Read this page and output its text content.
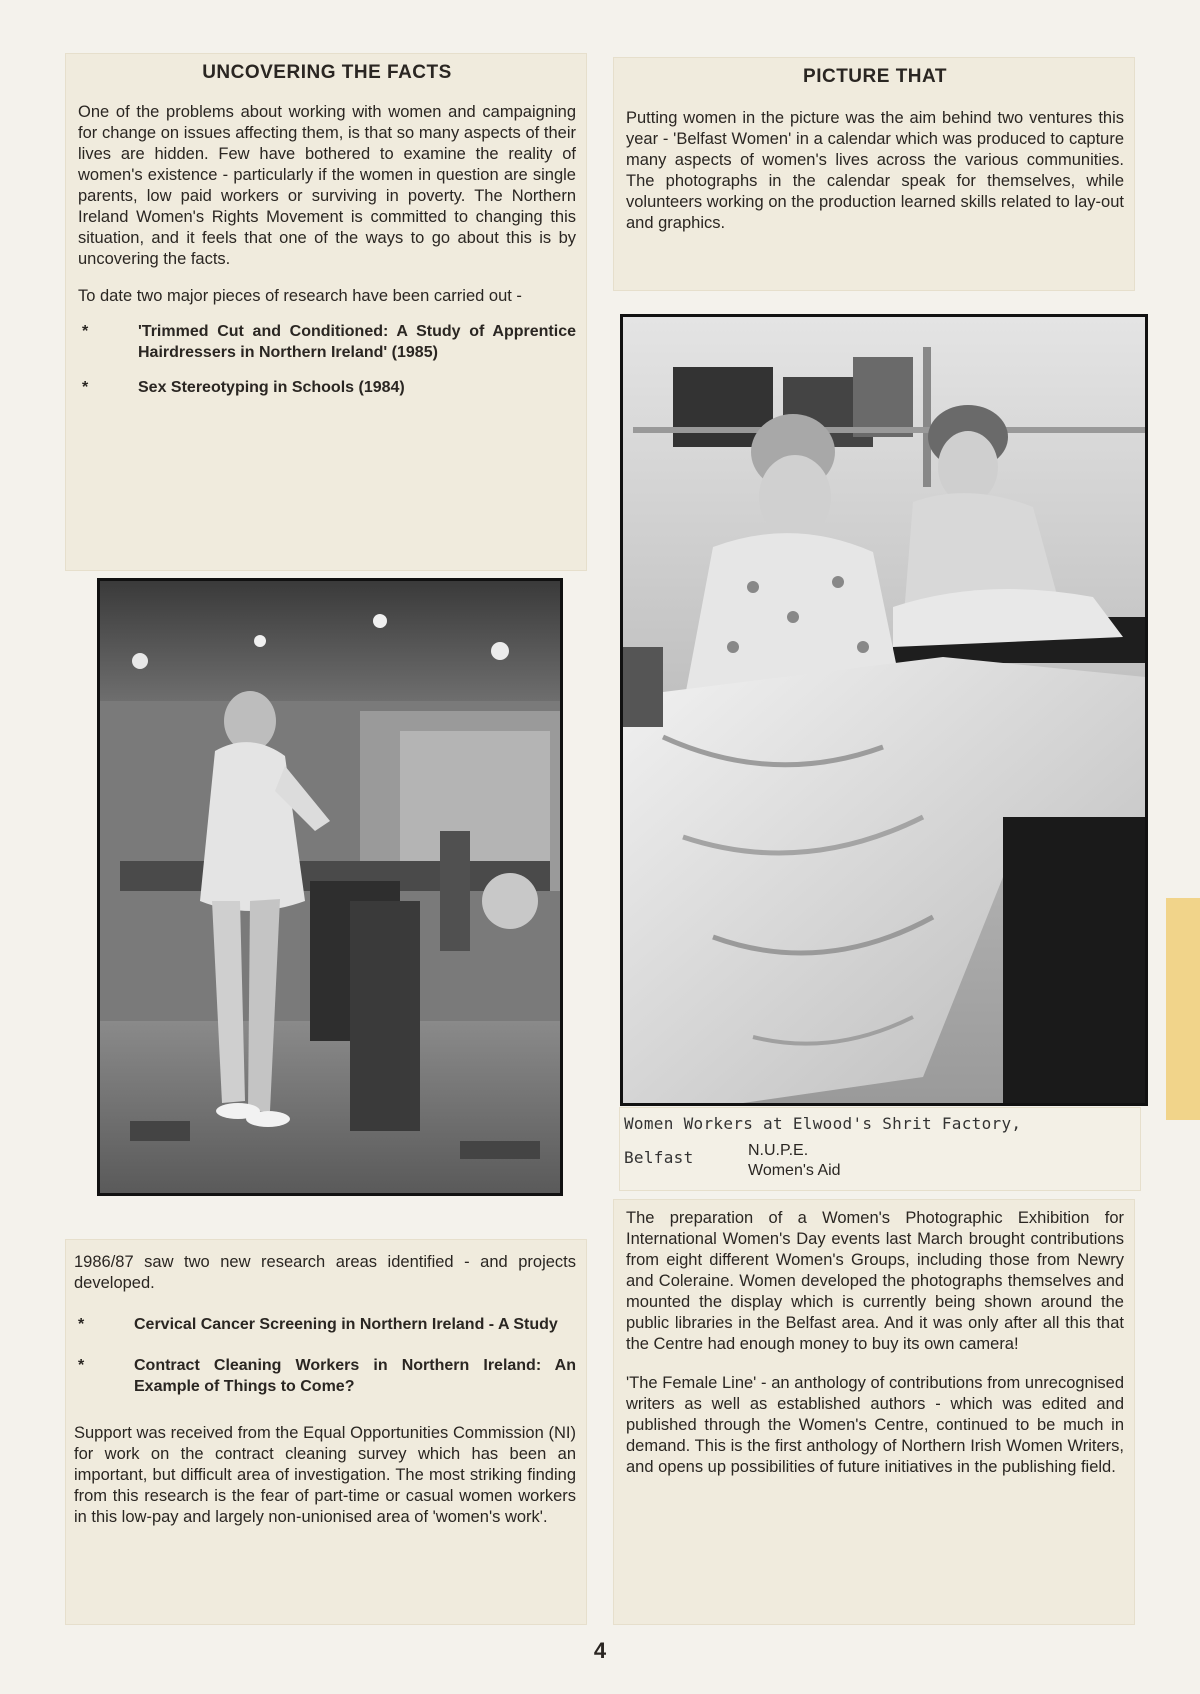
UNCOVERING THE FACTS

One of the problems about working with women and campaigning for change on issues affecting them, is that so many aspects of their lives are hidden. Few have bothered to examine the reality of women's existence - particularly if the women in question are single parents, low paid workers or surviving in poverty. The Northern Ireland Women's Rights Movement is committed to changing this situation, and it feels that one of the ways to go about this is by uncovering the facts.

To date two major pieces of research have been carried out -

*	'Trimmed Cut and Conditioned: A Study of Apprentice Hairdressers in Northern Ireland' (1985)
*	Sex Stereotyping in Schools (1984)

1986/87 saw two new research areas identified - and projects developed.

*	Cervical Cancer Screening in Northern Ireland - A Study
*	Contract Cleaning Workers in Northern Ireland: An Example of Things to Come?

Support was received from the Equal Opportunities Commission (NI) for work on the contract cleaning survey which has been an important, but difficult area of investigation. The most striking finding from this research is the fear of part-time or casual women workers in this low-pay and largely non-unionised area of 'women's work'.

PICTURE THAT

Putting women in the picture was the aim behind two ventures this year - 'Belfast Women' in a calendar which was produced to capture many aspects of women's lives across the various communities. The photographs in the calendar speak for themselves, while volunteers working on the production learned skills related to lay-out and graphics.

Women Workers at Elwood's Shrit Factory,
Belfast	N.U.P.E.
Women's Aid

The preparation of a Women's Photographic Exhibition for International Women's Day events last March brought contributions from eight different Women's Groups, including those from Newry and Coleraine. Women developed the photographs themselves and mounted the display which is currently being shown around the public libraries in the Belfast area. And it was only after all this that the Centre had enough money to buy its own camera!

'The Female Line' - an anthology of contributions from unrecognised writers as well as established authors - which was edited and published through the Women's Centre, continued to be much in demand. This is the first anthology of Northern Irish Women Writers, and opens up possibilities of future initiatives in the publishing field.

4
